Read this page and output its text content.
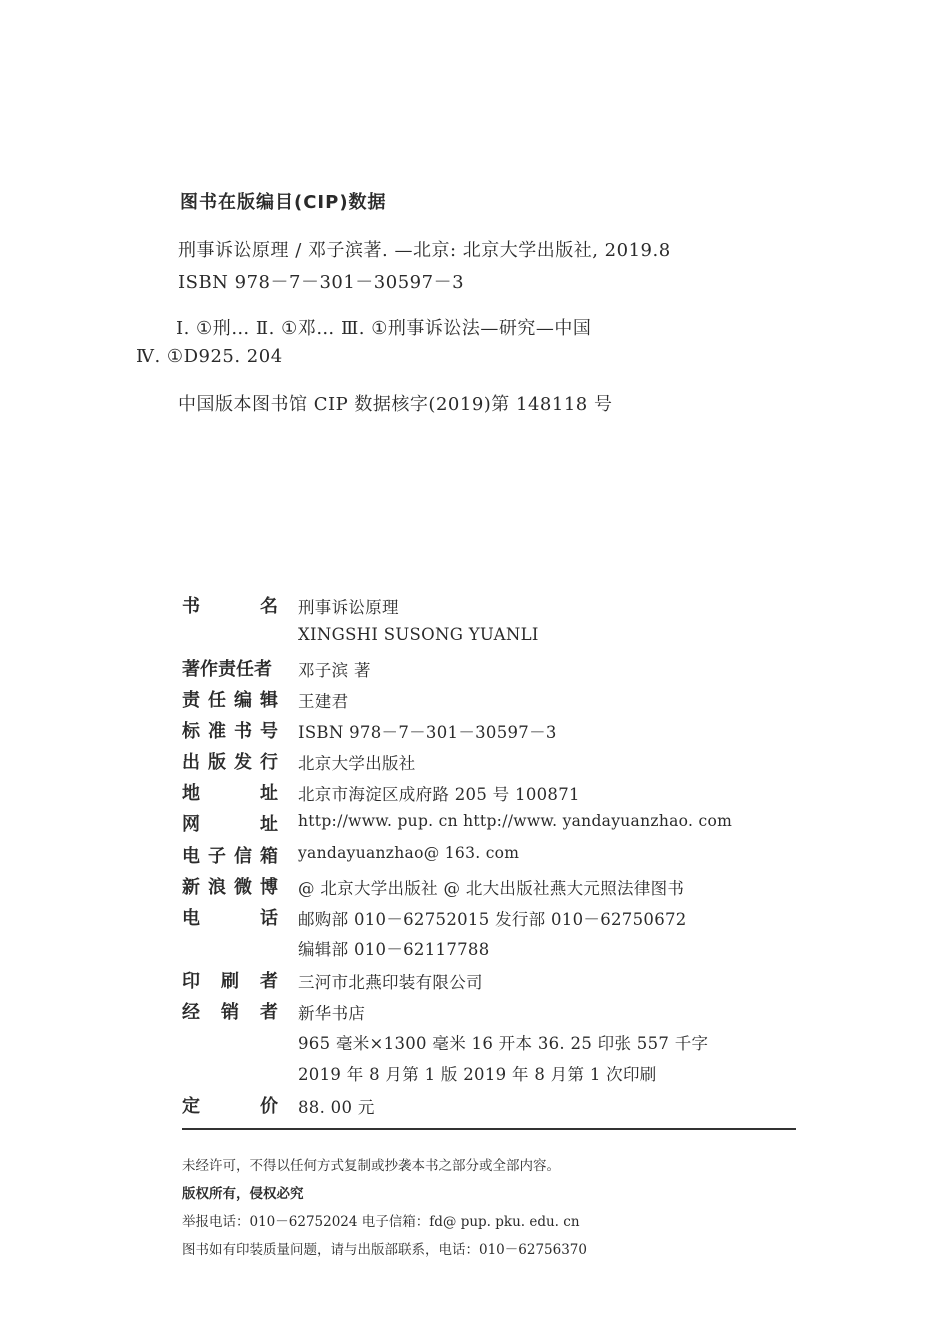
图书在版编目(CIP)数据
刑事诉讼原理 / 邓子滨著. —北京: 北京大学出版社, 2019.8
ISBN 978－7－301－30597－3
Ⅰ. ①刑… Ⅱ. ①邓… Ⅲ. ①刑事诉讼法—研究—中国
Ⅳ. ①D925. 204
中国版本图书馆 CIP 数据核字(2019)第 148118 号
书	名 刑事诉讼原理
XINGSHI SUSONG YUANLI
著作责任者 邓子滨 著
责 任 编 辑 王建君
标 准 书 号 ISBN 978－7－301－30597－3
出 版 发 行 北京大学出版社
地	址 北京市海淀区成府路 205 号 100871
网	址 http://www. pup. cn http://www. yandayuanzhao. com
电 子 信 箱 yandayuanzhao@ 163. com
新 浪 微 博 @ 北京大学出版社 @ 北大出版社燕大元照法律图书
电	话 邮购部 010－62752015 发行部 010－62750672
编辑部 010－62117788
印 刷 者 三河市北燕印装有限公司
经 销 者 新华书店
965 毫米×1300 毫米 16 开本 36. 25 印张 557 千字
2019 年 8 月第 1 版 2019 年 8 月第 1 次印刷
定	价 88. 00 元
未经许可，不得以任何方式复制或抄袭本书之部分或全部内容。
版权所有，侵权必究
举报电话：010－62752024 电子信箱：fd@ pup. pku. edu. cn
图书如有印装质量问题，请与出版部联系，电话：010－62756370
